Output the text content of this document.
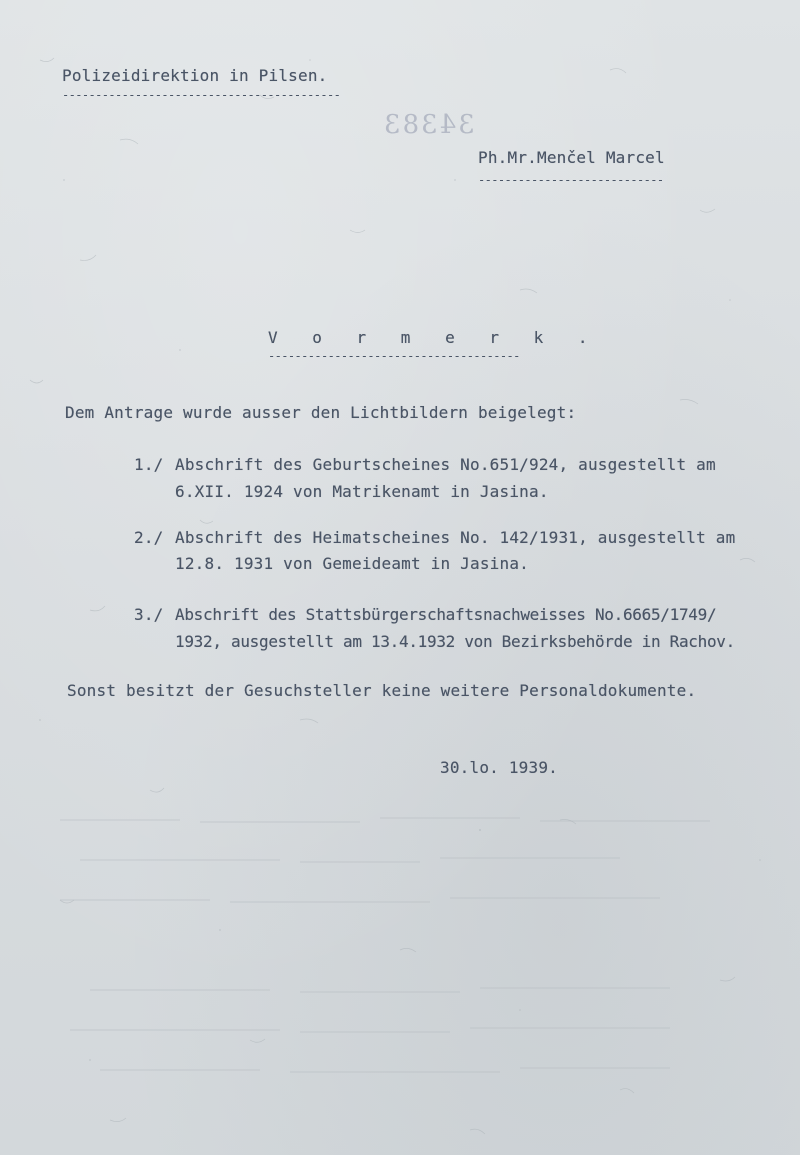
34383
Polizeidirektion in Pilsen.
------------------------------------------
Ph.Mr.Menčel Marcel
----------------------------
V o r m e r k .
--------------------------------------
Dem Antrage wurde ausser den Lichtbildern beigelegt:
1./ Abschrift des Geburtscheines No.651/924, ausgestellt am
6.XII. 1924 von Matrikenamt in Jasina.
2./ Abschrift des Heimatscheines No. 142/1931, ausgestellt am
12.8. 1931 von Gemeideamt in Jasina.
3./ Abschrift des Stattsbürgerschaftsnachweisses No.6665/1749/
1932, ausgestellt am 13.4.1932 von Bezirksbehörde in Rachov.
Sonst besitzt der Gesuchsteller keine weitere Personaldokumente.
30.lo. 1939.
